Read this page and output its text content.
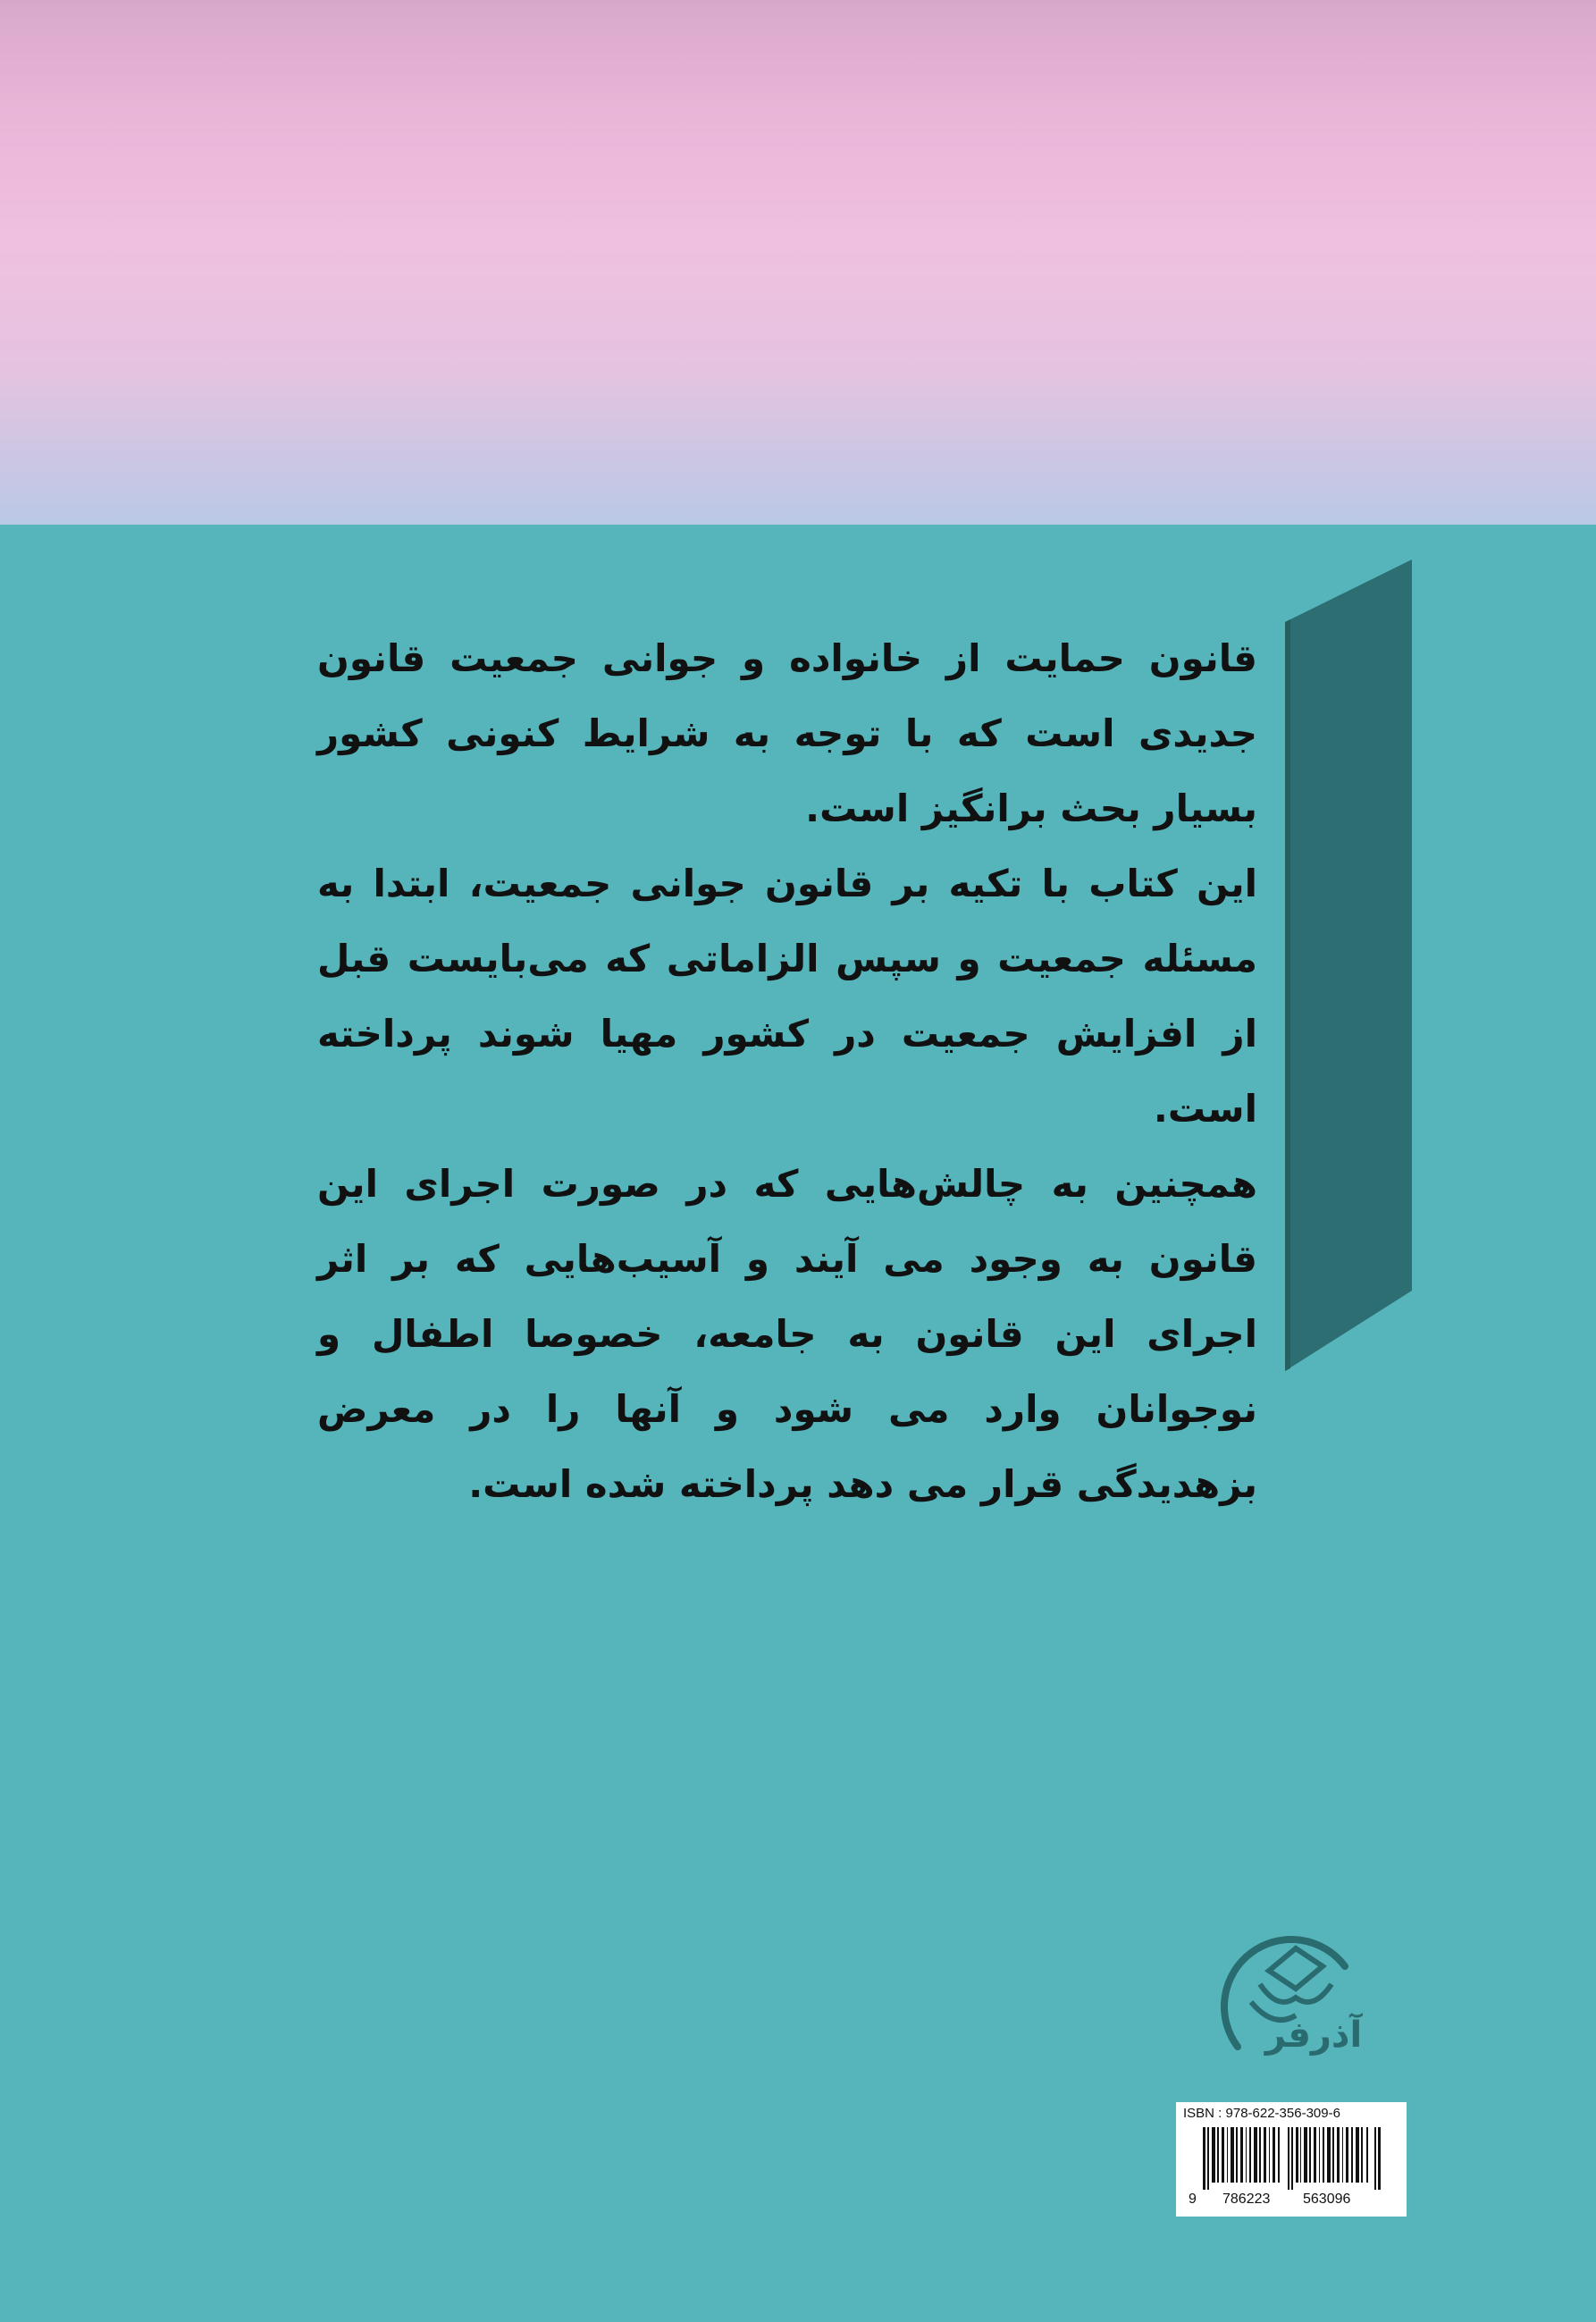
قانون حمایت از خانواده و جوانی جمعیت قانون جدیدی است که با توجه به شرایط کنونی کشور بسیار بحث برانگیز است.

این کتاب با تکیه بر قانون جوانی جمعیت، ابتدا به مسئله جمعیت و سپس الزاماتی که می‌بایست قبل از افزایش جمعیت در کشور مهیا شوند پرداخته است.

همچنین به چالش‌هایی که در صورت اجرای این قانون به وجود می آیند و آسیب‌هایی که بر اثر اجرای این قانون به جامعه، خصوصا اطفال و نوجوانان وارد می شود و آنها را در معرض بزهدیدگی قرار می دهد پرداخته شده است.

آذرفر
ISBN : 978-622-356-309-6
9 786223 563096
